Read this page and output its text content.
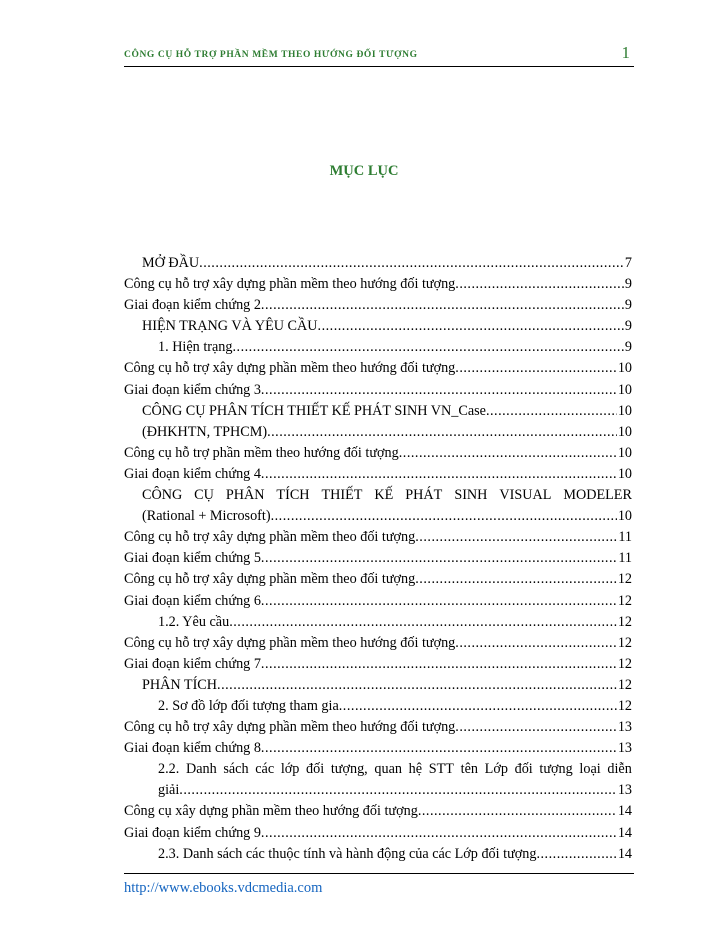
CÔNG CỤ HỖ TRỢ PHẦN MỀM THEO HƯỚNG ĐỐI TƯỢNG	1
MỤC LỤC
MỞ ĐẦU .....	7
Công cụ hỗ trợ xây dựng phần mềm theo hướng đối tượng .....	9
Giai đoạn kiểm chứng 2 .....	9
HIỆN TRẠNG VÀ YÊU CẦU .....	9
1. Hiện trạng .....	9
Công cụ hỗ trợ xây dựng phần mềm theo hướng đối tượng .....	10
Giai đoạn kiểm chứng 3 .....	10
CÔNG CỤ PHÂN TÍCH THIẾT KẾ PHÁT SINH VN_Case .....	10
(ĐHKHTN, TPHCM) .....	10
Công cụ hỗ trợ phần mềm theo hướng đối tượng .....	10
Giai đoạn kiểm chứng 4 .....	10
CÔNG CỤ PHÂN TÍCH THIẾT KẾ PHÁT SINH VISUAL MODELER
(Rational + Microsoft) .....	10
Công cụ hỗ trợ xây dựng phần mềm theo đối tượng .....	11
Giai đoạn kiểm chứng 5 .....	11
Công cụ hỗ trợ xây dựng phần mềm theo đối tượng .....	12
Giai đoạn kiểm chứng 6 .....	12
1.2. Yêu cầu .....	12
Công cụ hỗ trợ xây dựng phần mềm theo hướng đối tượng .....	12
Giai đoạn kiểm chứng 7 .....	12
PHÂN TÍCH .....	12
2. Sơ đồ lớp đối tượng tham gia .....	12
Công cụ hỗ trợ xây dựng phần mềm theo hướng đối tượng .....	13
Giai đoạn kiểm chứng 8 .....	13
2.2. Danh sách các lớp đối tượng, quan hệ STT tên Lớp đối tượng loại diễn
giải .....	13
Công cụ xây dựng phần mềm theo hướng đối tượng .....	14
Giai đoạn kiểm chứng 9 .....	14
2.3. Danh sách các thuộc tính và hành động của các Lớp đối tượng .....	14
http://www.ebooks.vdcmedia.com
